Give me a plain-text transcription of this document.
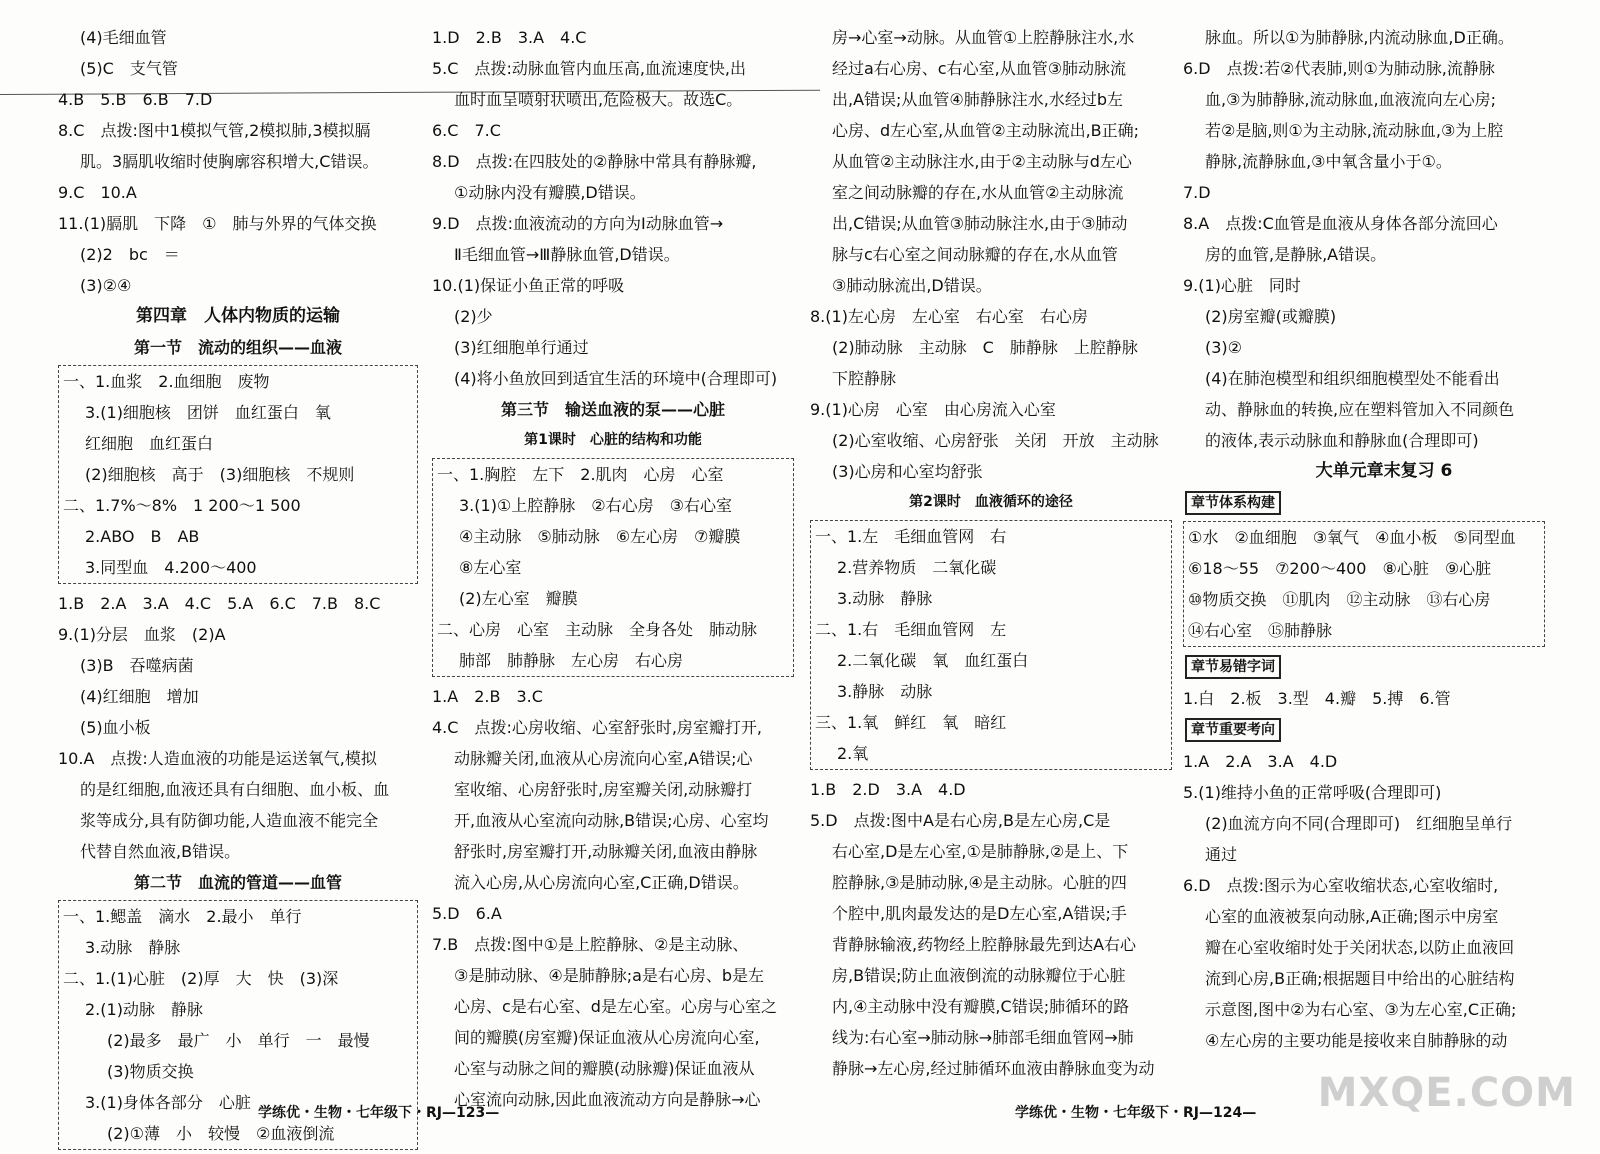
(4)毛细血管
(5)C　支气管
4.B　5.B　6.B　7.D
8.C　点拨:图中1模拟气管,2模拟肺,3模拟膈
肌。3膈肌收缩时使胸廓容积增大,C错误。
9.C　10.A
11.(1)膈肌　下降　①　肺与外界的气体交换
(2)2　bc　＝
(3)②④
第四章　人体内物质的运输
第一节　流动的组织——血液
一、1.血浆　2.血细胞　废物
3.(1)细胞核　团饼　血红蛋白　氧
红细胞　血红蛋白
(2)细胞核　高于　(3)细胞核　不规则
二、1.7%～8%　1 200～1 500
2.ABO　B　AB
3.同型血　4.200～400
1.B　2.A　3.A　4.C　5.A　6.C　7.B　8.C
9.(1)分层　血浆　(2)A
(3)B　吞噬病菌
(4)红细胞　增加
(5)血小板
10.A　点拨:人造血液的功能是运送氧气,模拟
的是红细胞,血液还具有白细胞、血小板、血
浆等成分,具有防御功能,人造血液不能完全
代替自然血液,B错误。
第二节　血流的管道——血管
一、1.鳃盖　滴水　2.最小　单行
3.动脉　静脉
二、1.(1)心脏　(2)厚　大　快　(3)深
2.(1)动脉　静脉
(2)最多　最广　小　单行　一　最慢
(3)物质交换
3.(1)身体各部分　心脏
(2)①薄　小　较慢　②血液倒流
1.D　2.B　3.A　4.C
5.C　点拨:动脉血管内血压高,血流速度快,出
血时血呈喷射状喷出,危险极大。故选C。
6.C　7.C
8.D　点拨:在四肢处的②静脉中常具有静脉瓣,
①动脉内没有瓣膜,D错误。
9.D　点拨:血液流动的方向为Ⅰ动脉血管→
Ⅱ毛细血管→Ⅲ静脉血管,D错误。
10.(1)保证小鱼正常的呼吸
(2)少
(3)红细胞单行通过
(4)将小鱼放回到适宜生活的环境中(合理即可)
第三节　输送血液的泵——心脏
第1课时　心脏的结构和功能
一、1.胸腔　左下　2.肌肉　心房　心室
3.(1)①上腔静脉　②右心房　③右心室
④主动脉　⑤肺动脉　⑥左心房　⑦瓣膜
⑧左心室
(2)左心室　瓣膜
二、心房　心室　主动脉　全身各处　肺动脉
肺部　肺静脉　左心房　右心房
1.A　2.B　3.C
4.C　点拨:心房收缩、心室舒张时,房室瓣打开,
动脉瓣关闭,血液从心房流向心室,A错误;心
室收缩、心房舒张时,房室瓣关闭,动脉瓣打
开,血液从心室流向动脉,B错误;心房、心室均
舒张时,房室瓣打开,动脉瓣关闭,血液由静脉
流入心房,从心房流向心室,C正确,D错误。
5.D　6.A
7.B　点拨:图中①是上腔静脉、②是主动脉、
③是肺动脉、④是肺静脉;a是右心房、b是左
心房、c是右心室、d是左心室。心房与心室之
间的瓣膜(房室瓣)保证血液从心房流向心室,
心室与动脉之间的瓣膜(动脉瓣)保证血液从
心室流向动脉,因此血液流动方向是静脉→心
房→心室→动脉。从血管①上腔静脉注水,水
经过a右心房、c右心室,从血管③肺动脉流
出,A错误;从血管④肺静脉注水,水经过b左
心房、d左心室,从血管②主动脉流出,B正确;
从血管②主动脉注水,由于②主动脉与d左心
室之间动脉瓣的存在,水从血管②主动脉流
出,C错误;从血管③肺动脉注水,由于③肺动
脉与c右心室之间动脉瓣的存在,水从血管
③肺动脉流出,D错误。
8.(1)左心房　左心室　右心室　右心房
(2)肺动脉　主动脉　C　肺静脉　上腔静脉
下腔静脉
9.(1)心房　心室　由心房流入心室
(2)心室收缩、心房舒张　关闭　开放　主动脉
(3)心房和心室均舒张
第2课时　血液循环的途径
一、1.左　毛细血管网　右
2.营养物质　二氧化碳
3.动脉　静脉
二、1.右　毛细血管网　左
2.二氧化碳　氧　血红蛋白
3.静脉　动脉
三、1.氧　鲜红　氧　暗红
2.氧
1.B　2.D　3.A　4.D
5.D　点拨:图中A是右心房,B是左心房,C是
右心室,D是左心室,①是肺静脉,②是上、下
腔静脉,③是肺动脉,④是主动脉。心脏的四
个腔中,肌肉最发达的是D左心室,A错误;手
背静脉输液,药物经上腔静脉最先到达A右心
房,B错误;防止血液倒流的动脉瓣位于心脏
内,④主动脉中没有瓣膜,C错误;肺循环的路
线为:右心室→肺动脉→肺部毛细血管网→肺
静脉→左心房,经过肺循环血液由静脉血变为动
脉血。所以①为肺静脉,内流动脉血,D正确。
6.D　点拨:若②代表肺,则①为肺动脉,流静脉
血,③为肺静脉,流动脉血,血液流向左心房;
若②是脑,则①为主动脉,流动脉血,③为上腔
静脉,流静脉血,③中氧含量小于①。
7.D
8.A　点拨:C血管是血液从身体各部分流回心
房的血管,是静脉,A错误。
9.(1)心脏　同时
(2)房室瓣(或瓣膜)
(3)②
(4)在肺泡模型和组织细胞模型处不能看出
动、静脉血的转换,应在塑料管加入不同颜色
的液体,表示动脉血和静脉血(合理即可)
大单元章末复习 6
章节体系构建
①水　②血细胞　③氧气　④血小板　⑤同型血
⑥18～55　⑦200～400　⑧心脏　⑨心脏
⑩物质交换　⑪肌肉　⑫主动脉　⑬右心房
⑭右心室　⑮肺静脉
章节易错字词
1.白　2.板　3.型　4.瓣　5.搏　6.管
章节重要考向
1.A　2.A　3.A　4.D
5.(1)维持小鱼的正常呼吸(合理即可)
(2)血流方向不同(合理即可)　红细胞呈单行
通过
6.D　点拨:图示为心室收缩状态,心室收缩时,
心室的血液被泵向动脉,A正确;图示中房室
瓣在心室收缩时处于关闭状态,以防止血液回
流到心房,B正确;根据题目中给出的心脏结构
示意图,图中②为右心室、③为左心室,C正确;
④左心房的主要功能是接收来自肺静脉的动
学练优・生物・七年级下・RJ—123—	学练优・生物・七年级下・RJ—124— MXQE.COM
